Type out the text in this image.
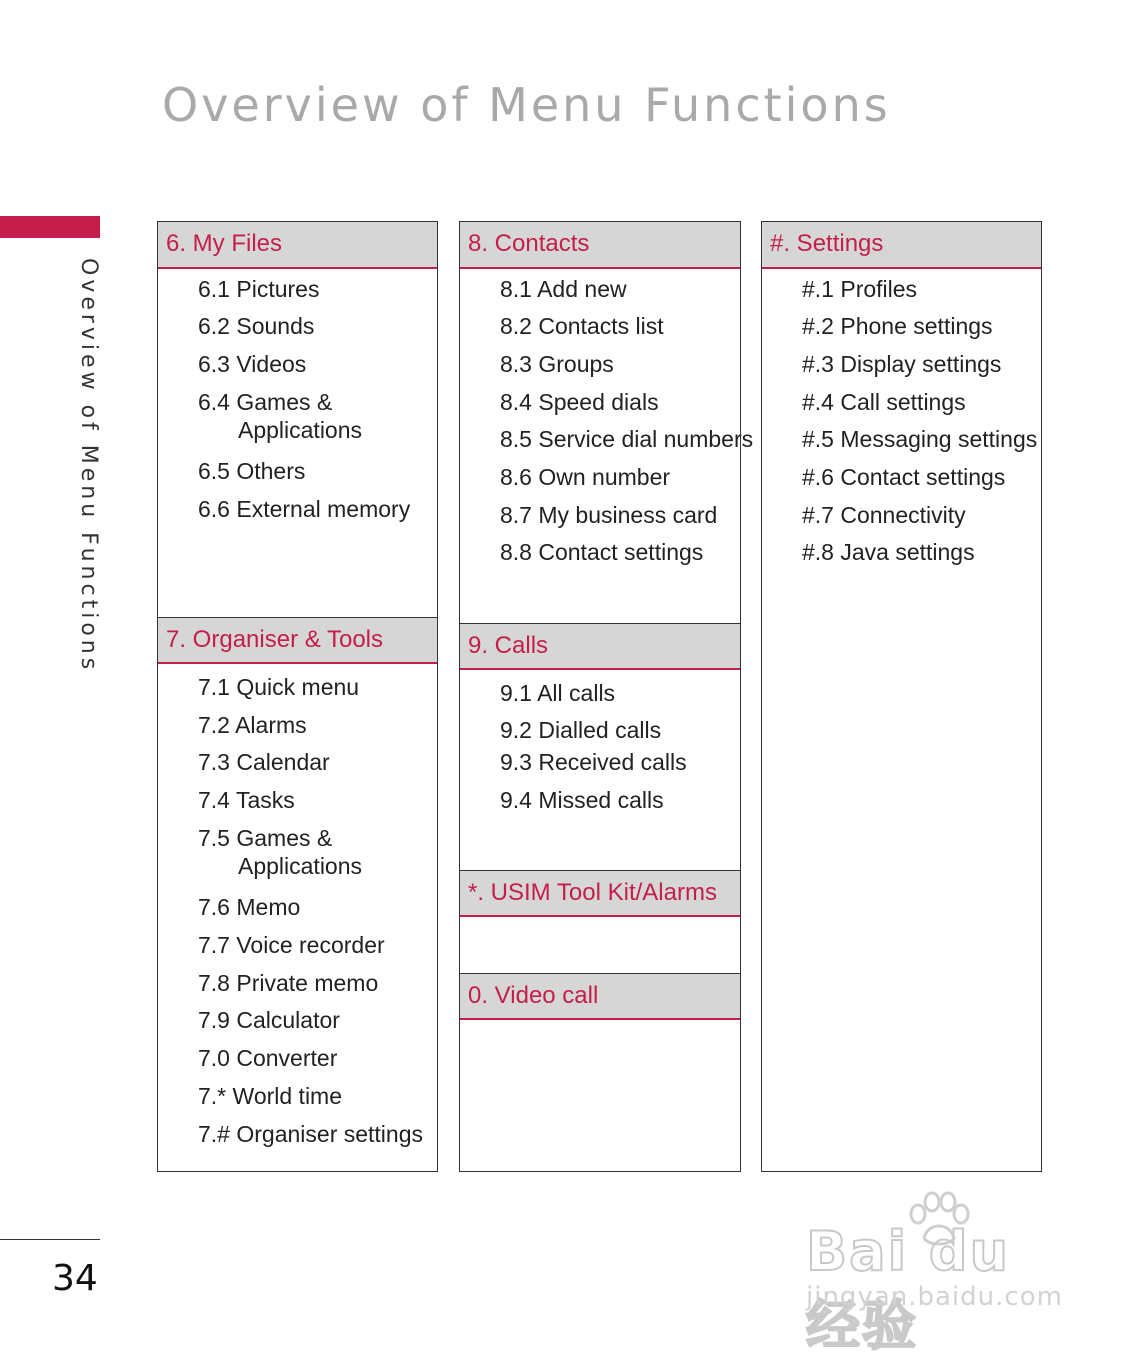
Overview of Menu Functions
Overview of Menu Functions
6. My Files
6.1 Pictures
6.2 Sounds
6.3 Videos
6.4 Games &
Applications
6.5 Others
6.6 External memory
7. Organiser & Tools
7.1 Quick menu
7.2 Alarms
7.3 Calendar
7.4 Tasks
7.5 Games &
Applications
7.6 Memo
7.7 Voice recorder
7.8 Private memo
7.9 Calculator
7.0 Converter
7.* World time
7.# Organiser settings
8. Contacts
8.1 Add new
8.2 Contacts list
8.3 Groups
8.4 Speed dials
8.5 Service dial numbers
8.6 Own number
8.7 My business card
8.8 Contact settings
9. Calls
9.1 All calls
9.2 Dialled calls
9.3 Received calls
9.4 Missed calls
*. USIM Tool Kit/Alarms
0. Video call
#. Settings
#.1 Profiles
#.2 Phone settings
#.3 Display settings
#.4 Call settings
#.5 Messaging settings
#.6 Contact settings
#.7 Connectivity
#.8 Java settings
34	Bai du 经验
jingyan.baidu.com
